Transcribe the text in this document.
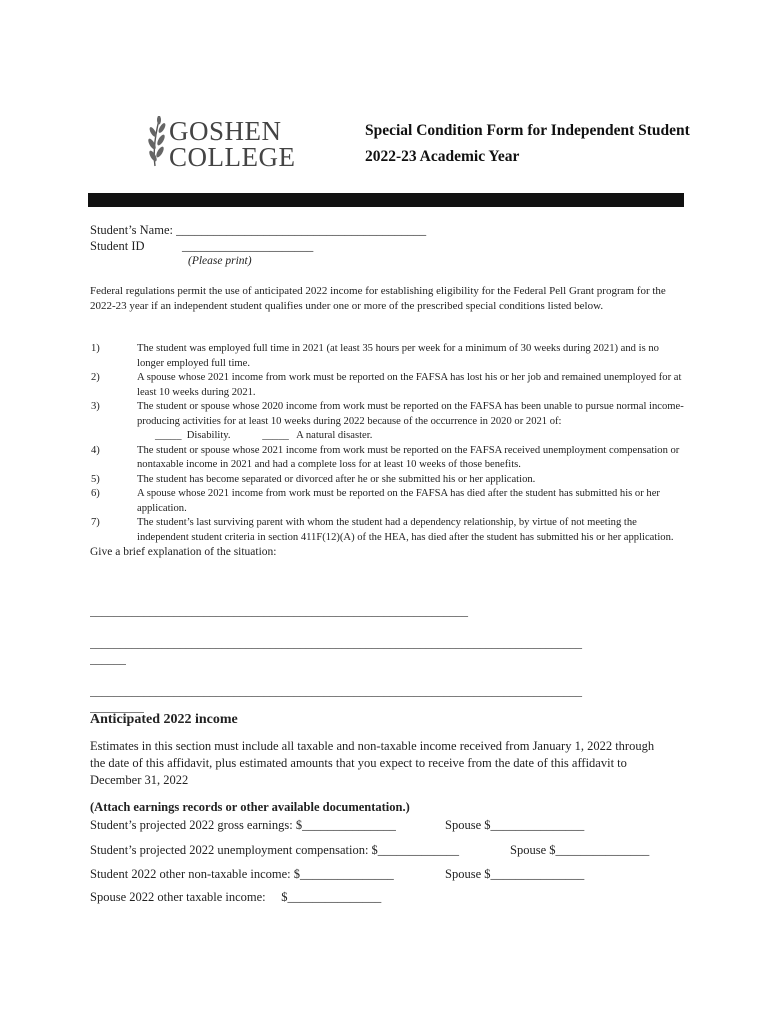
GOSHEN
COLLEGE
Special Condition Form for Independent Student
2022-23 Academic Year
Student’s Name: ________________________________________
Student ID	_____________________
(Please print)
Federal regulations permit the use of anticipated 2022 income for establishing eligibility for the Federal Pell Grant program for the 2022-23 year if an independent student qualifies under one or more of the prescribed special conditions listed below.
1)	The student was employed full time in 2021 (at least 35 hours per week for a minimum of 30 weeks during 2021) and is no longer employed full time.
2)	A spouse whose 2021 income from work must be reported on the FAFSA has lost his or her job and remained unemployed for at least 10 weeks during 2021.
3)	The student or spouse whose 2020 income from work must be reported on the FAFSA has been unable to pursue normal income-producing activities for at least 10 weeks during 2022 because of the occurrence in 2020 or 2021 of:
_____  Disability.            _____   A natural disaster.
4)	The student or spouse whose 2021 income from work must be reported on the FAFSA received unemployment compensation or nontaxable income in 2021 and had a complete loss for at least 10 weeks of those benefits.
5)	The student has become separated or divorced after he or she submitted his or her application.
6)	A spouse whose 2021 income from work must be reported on the FAFSA has died after the student has submitted his or her application.
7)	The student’s last surviving parent with whom the student had a dependency relationship, by virtue of not meeting the independent student criteria in section 411F(12)(A) of the HEA, has died after the student has submitted his or her application.
Give a brief explanation of the situation:
_______________________________________________________________
__________________________________________________________________________________
______
__________________________________________________________________________________
_________
Anticipated 2022 income
Estimates in this section must include all taxable and non-taxable income received from January 1, 2022 through the date of this affidavit, plus estimated amounts that you expect to receive from the date of this affidavit to December 31, 2022
(Attach earnings records or other available documentation.)
Student’s projected 2022 gross earnings: $_______________	Spouse $_______________
Student’s projected 2022 unemployment compensation: $_____________	Spouse $_______________
Student 2022 other non-taxable income: $_______________	Spouse $_______________
Spouse 2022 other taxable income:     $_______________
